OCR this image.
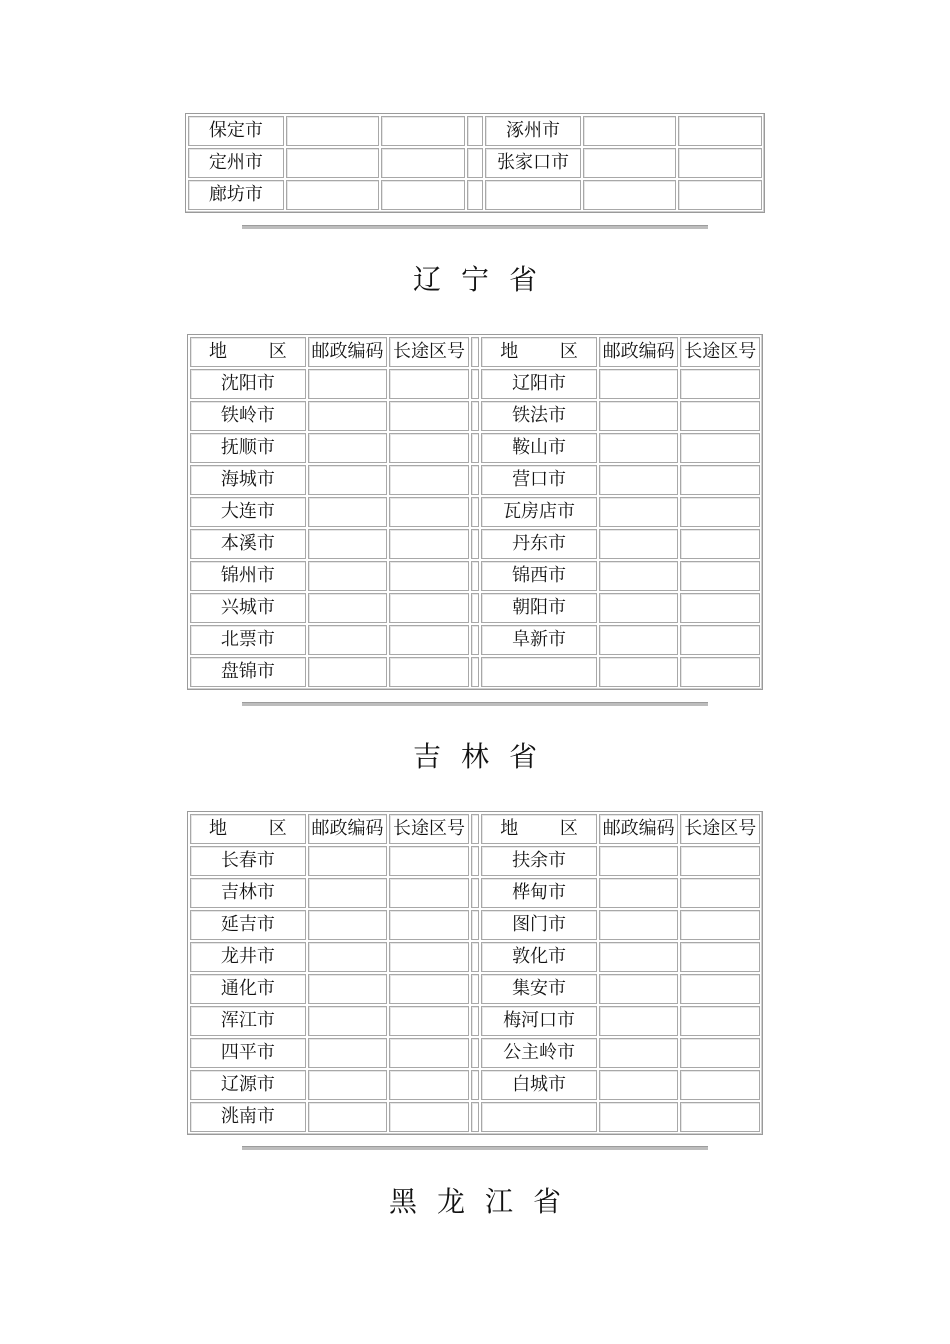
保定市				涿州市		
定州市				张家口市		
廊坊市						
辽宁省
地 区	邮政编码	长途区号		地 区	邮政编码	长途区号
沈阳市				辽阳市		
铁岭市				铁法市		
抚顺市				鞍山市		
海城市				营口市		
大连市				瓦房店市		
本溪市				丹东市		
锦州市				锦西市		
兴城市				朝阳市		
北票市				阜新市		
盘锦市						
吉林省
地 区	邮政编码	长途区号		地 区	邮政编码	长途区号
长春市				扶余市		
吉林市				桦甸市		
延吉市				图门市		
龙井市				敦化市		
通化市				集安市		
浑江市				梅河口市		
四平市				公主岭市		
辽源市				白城市		
洮南市						
黑龙江省
